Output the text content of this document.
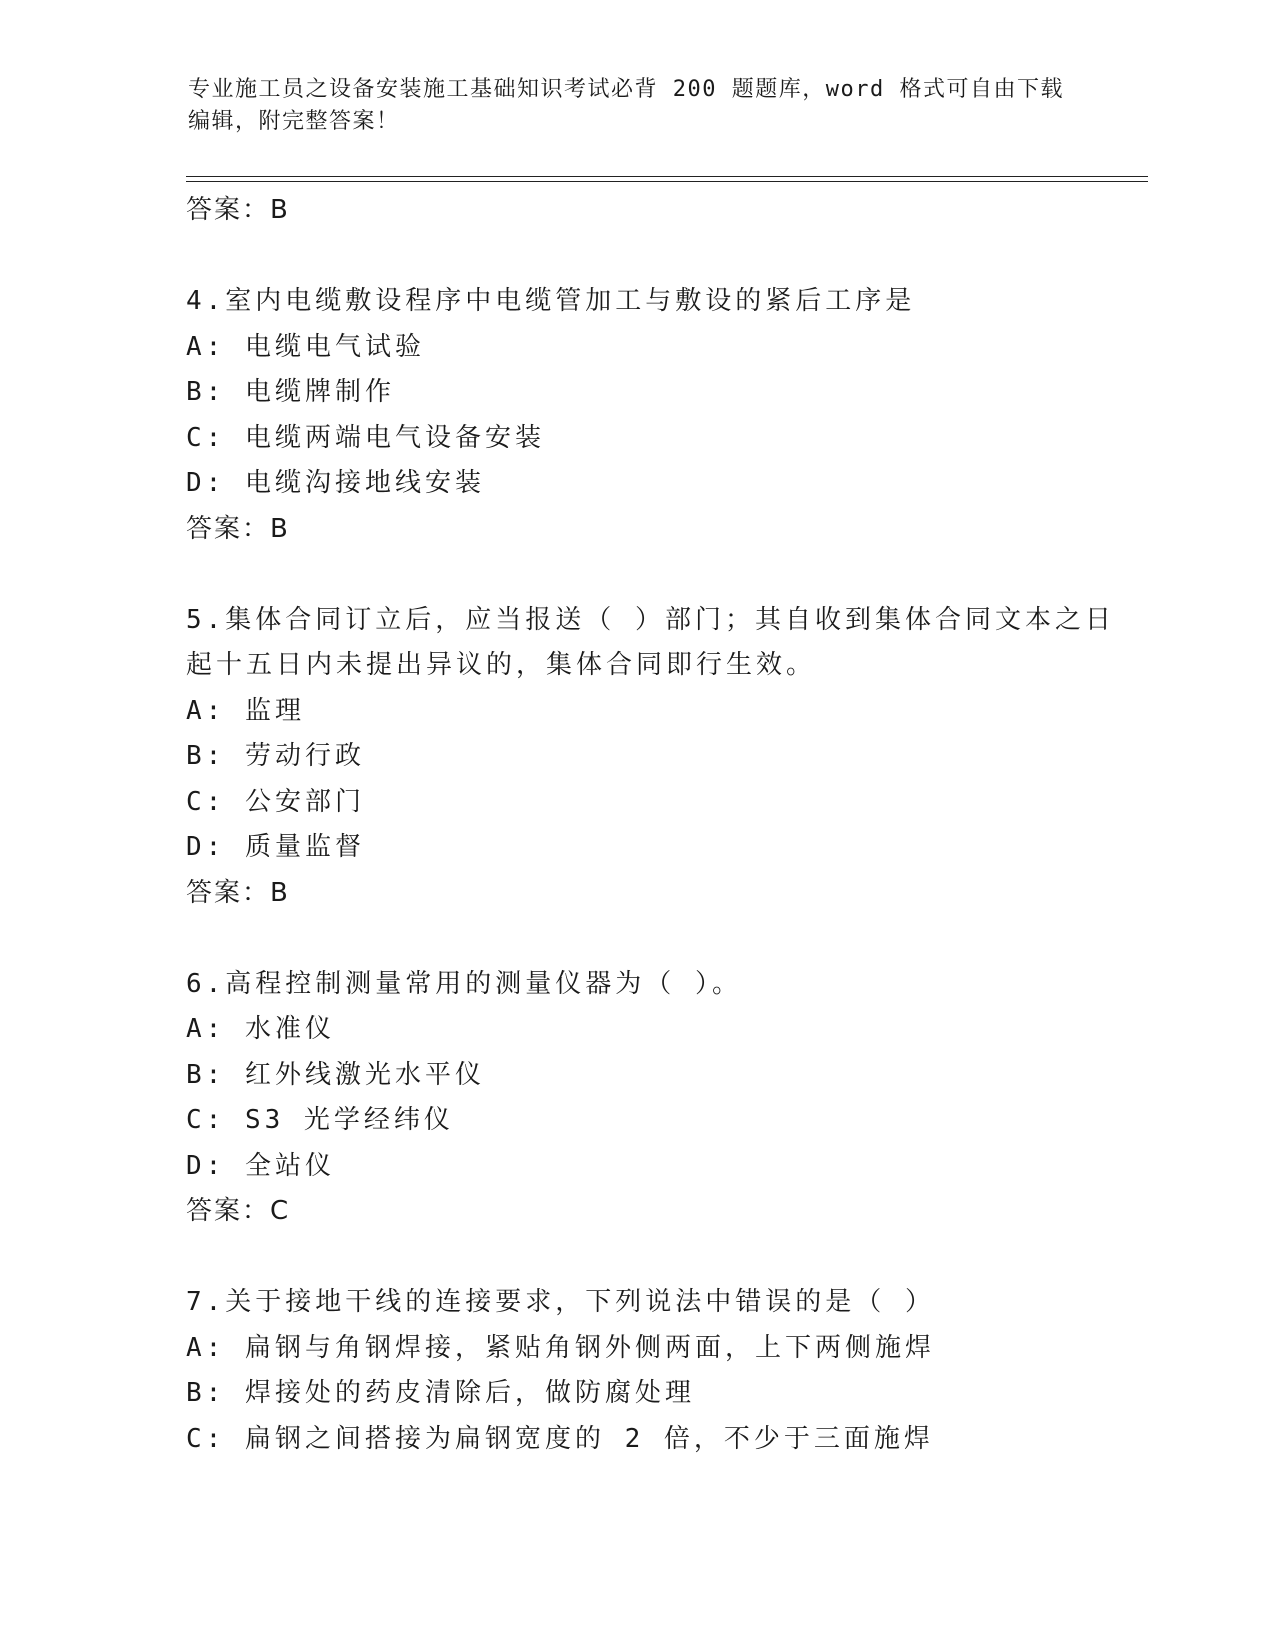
专业施工员之设备安装施工基础知识考试必背 200 题题库，word 格式可自由下载
编辑，附完整答案！
答案：B
4.室内电缆敷设程序中电缆管加工与敷设的紧后工序是
A: 电缆电气试验
B: 电缆牌制作
C: 电缆两端电气设备安装
D: 电缆沟接地线安装
答案：B
5.集体合同订立后，应当报送（ ）部门；其自收到集体合同文本之日
起十五日内未提出异议的，集体合同即行生效。
A: 监理
B: 劳动行政
C: 公安部门
D: 质量监督
答案：B
6.高程控制测量常用的测量仪器为（ ）。
A: 水准仪
B: 红外线激光水平仪
C: S3 光学经纬仪
D: 全站仪
答案：C
7.关于接地干线的连接要求，下列说法中错误的是（ ）
A: 扁钢与角钢焊接，紧贴角钢外侧两面，上下两侧施焊
B: 焊接处的药皮清除后，做防腐处理
C: 扁钢之间搭接为扁钢宽度的 2 倍，不少于三面施焊
